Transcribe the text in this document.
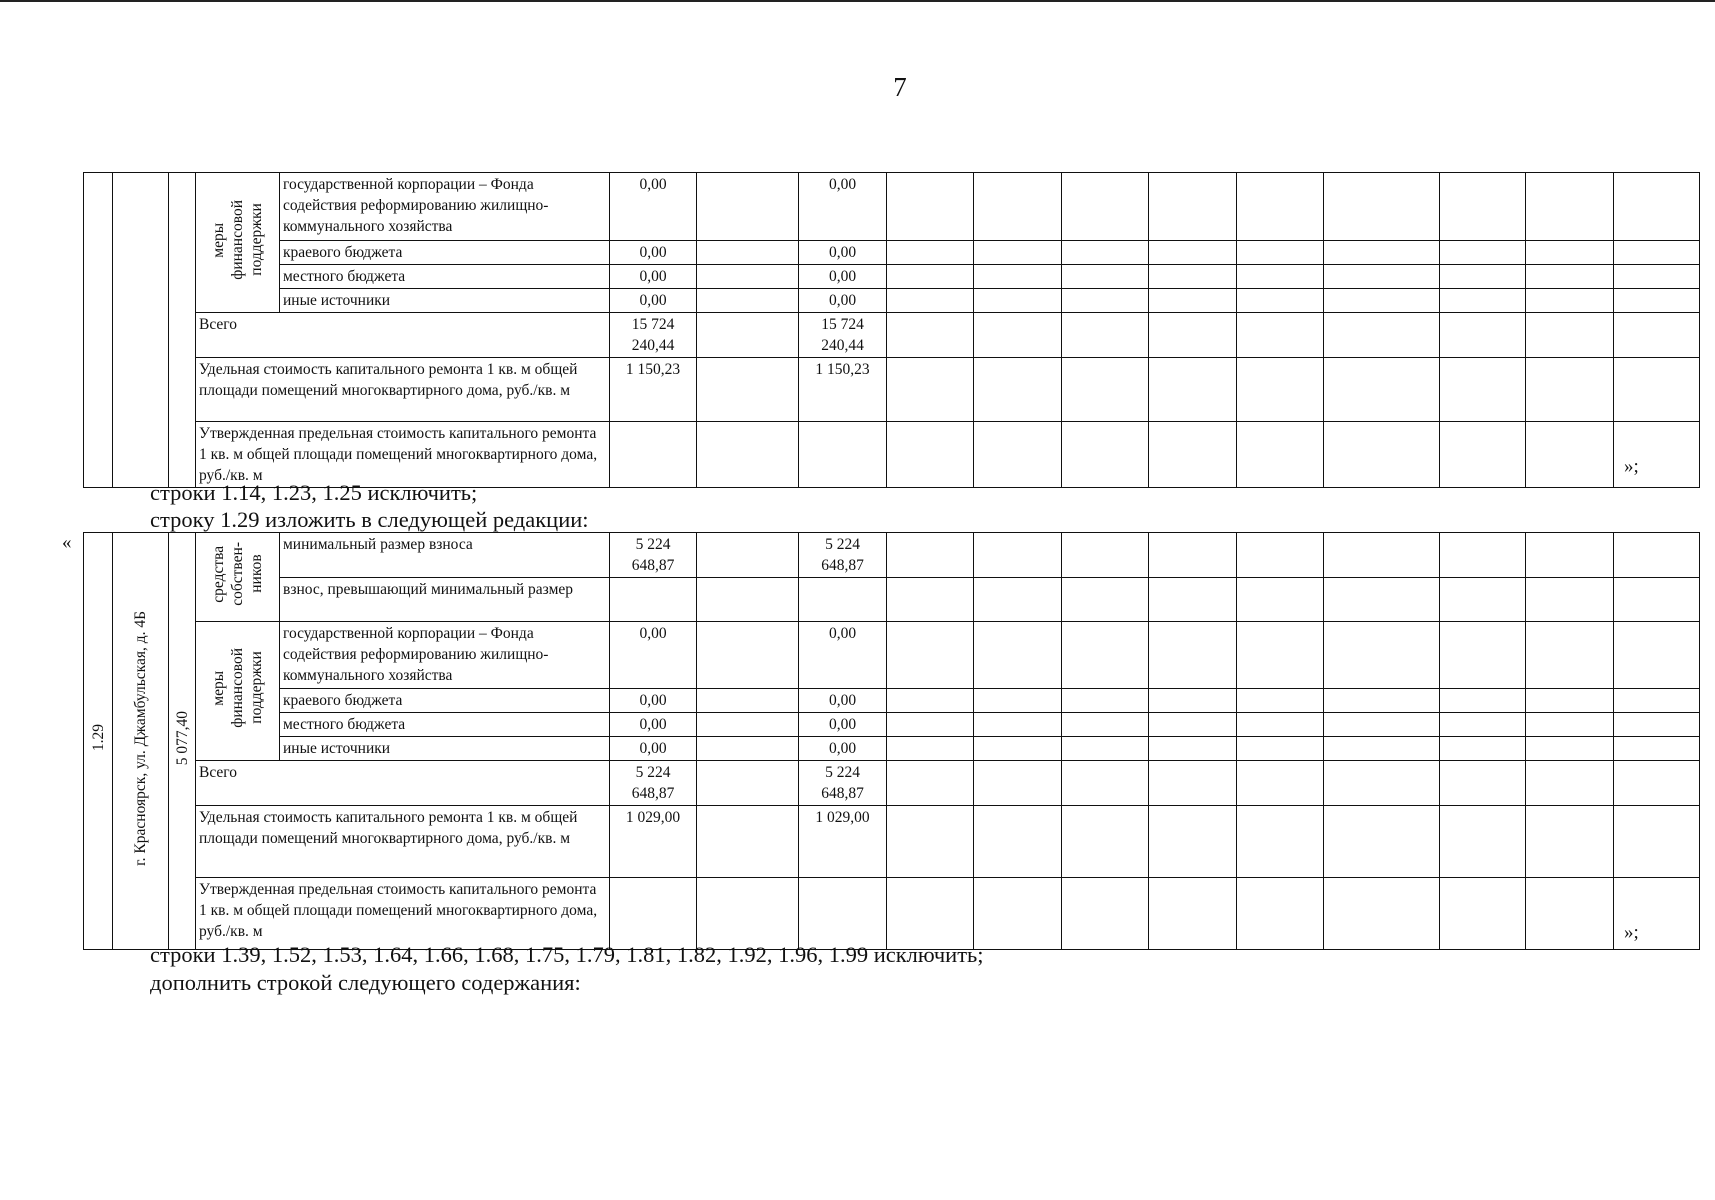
7
			меры
финансовой
поддержки	государственной корпорации – Фонда содействия реформированию жилищно-коммунального хозяйства	0,00		0,00									
				краевого бюджета	0,00		0,00									
				местного бюджета	0,00		0,00									
				иные источники	0,00		0,00									
			Всего		15 724 240,44		15 724 240,44									
			Удельная стоимость капитального ремонта 1 кв. м общей площади помещений многоквартирного дома, руб./кв. м		1 150,23		1 150,23									
			Утвержденная предельная стоимость капитального ремонта 1 кв. м общей площади помещений многоквартирного дома, руб./кв. м														»;
строки 1.14, 1.23, 1.25 исключить;
строку 1.29 изложить в следующей редакции:
«
1.29	г. Красноярск, ул. Джамбульская, д. 4Б	5 077,40	средства
собствен-
ников	минимальный размер взноса	5 224 648,87		5 224 648,87									
				взнос, превышающий минимальный размер												
			меры
финансовой
поддержки	государственной корпорации – Фонда содействия реформированию жилищно-коммунального хозяйства	0,00		0,00									
				краевого бюджета	0,00		0,00									
				местного бюджета	0,00		0,00									
				иные источники	0,00		0,00									
			Всего		5 224 648,87		5 224 648,87									
			Удельная стоимость капитального ремонта 1 кв. м общей площади помещений многоквартирного дома, руб./кв. м		1 029,00		1 029,00									
			Утвержденная предельная стоимость капитального ремонта 1 кв. м общей площади помещений многоквартирного дома, руб./кв. м														»;
строки 1.39, 1.52, 1.53, 1.64, 1.66, 1.68, 1.75, 1.79, 1.81, 1.82, 1.92, 1.96, 1.99 исключить;
дополнить строкой следующего содержания:
